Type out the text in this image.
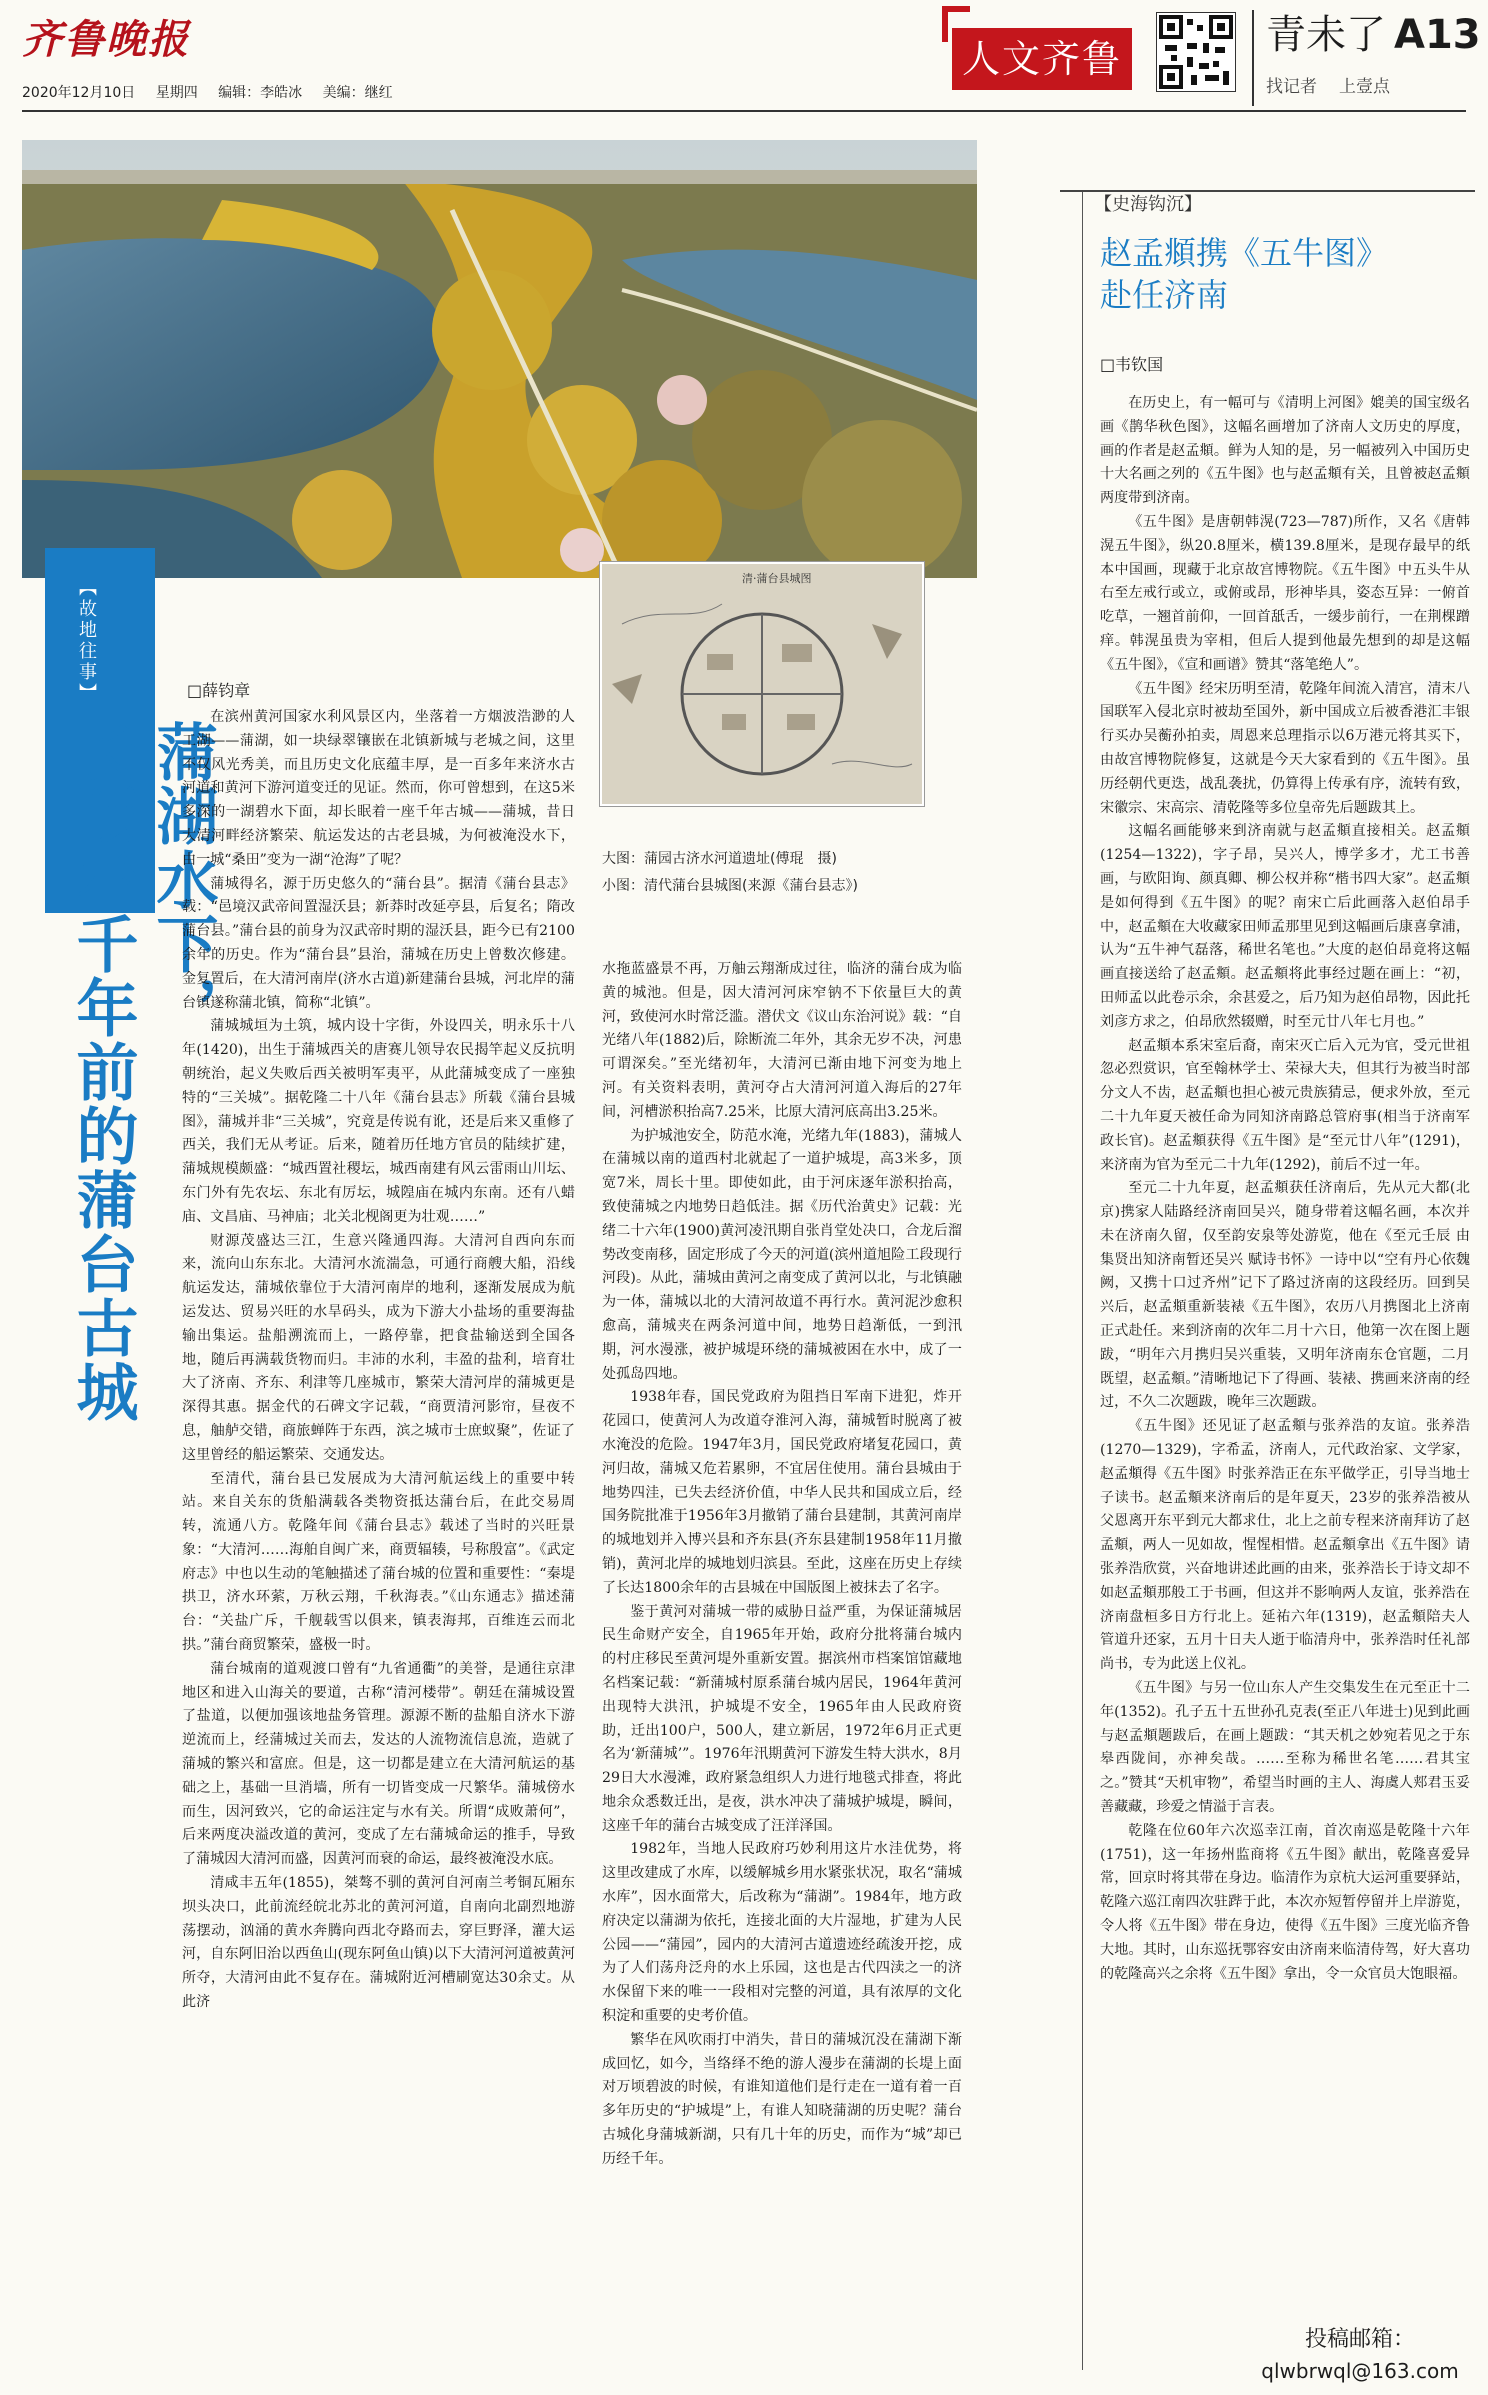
齐鲁晚报
2020年12月10日 星期四 编辑：李皓冰 美编：继红
人文齐鲁
青未了 A13
找记者 上壹点
【故地往事】
蒲湖水下，
长眠着千年前的蒲台古城
清·蒲台县城图
大图：蒲园古济水河道遗址(傅琨　摄)
小图：清代蒲台县城图(来源《蒲台县志》)
□薛钧章

在滨州黄河国家水利风景区内，坐落着一方烟波浩渺的人工湖——蒲湖，如一块绿翠镶嵌在北镇新城与老城之间，这里不仅风光秀美，而且历史文化底蕴丰厚，是一百多年来济水古河道和黄河下游河道变迁的见证。然而，你可曾想到，在这5米多深的一湖碧水下面，却长眠着一座千年古城——蒲城，昔日大清河畔经济繁荣、航运发达的古老县城，为何被淹没水下，由一城“桑田”变为一湖“沧海”了呢？

蒲城得名，源于历史悠久的“蒲台县”。据清《蒲台县志》载：“邑境汉武帝间置湿沃县；新莽时改延亭县，后复名；隋改蒲台县。”蒲台县的前身为汉武帝时期的湿沃县，距今已有2100余年的历史。作为“蒲台县”县治，蒲城在历史上曾数次修建。金复置后，在大清河南岸(济水古道)新建蒲台县城，河北岸的蒲台镇遂称蒲北镇，简称“北镇”。

蒲城城垣为土筑，城内设十字街，外设四关，明永乐十八年(1420)，出生于蒲城西关的唐赛儿领导农民揭竿起义反抗明朝统治，起义失败后西关被明军夷平，从此蒲城变成了一座独特的“三关城”。据乾隆二十八年《蒲台县志》所载《蒲台县城图》，蒲城并非“三关城”，究竟是传说有讹，还是后来又重修了西关，我们无从考证。后来，随着历任地方官员的陆续扩建，蒲城规模颇盛：“城西置社稷坛，城西南建有风云雷雨山川坛、东门外有先农坛、东北有厉坛，城隍庙在城内东南。还有八蜡庙、文昌庙、马神庙；北关北枧阁更为壮观……”

财源茂盛达三江，生意兴隆通四海。大清河自西向东而来，流向山东东北。大清河水流湍急，可通行商艘大船，沿线航运发达，蒲城依靠位于大清河南岸的地利，逐渐发展成为航运发达、贸易兴旺的水旱码头，成为下游大小盐场的重要海盐输出集运。盐船溯流而上，一路停靠，把食盐输送到全国各地，随后再满载货物而归。丰沛的水利，丰盈的盐利，培育壮大了济南、齐东、利津等几座城市，繁荣大清河岸的蒲城更是深得其惠。据金代的石碑文字记载，“商贾清河影帘，昼夜不息，舳舻交错，商旅蝉阵于东西，滨之城市士庶蚁聚”，佐证了这里曾经的船运繁荣、交通发达。

至清代，蒲台县已发展成为大清河航运线上的重要中转站。来自关东的货船满载各类物资抵达蒲台后，在此交易周转，流通八方。乾隆年间《蒲台县志》载述了当时的兴旺景象：“大清河……海舶自闽广来，商贾辐辏，号称殷富”。《武定府志》中也以生动的笔触描述了蒲台城的位置和重要性：“秦堤拱卫，济水环萦，万秋云翔，千秋海表。”《山东通志》描述蒲台：“关盐广斥，千舰载雪以俱来，镇表海邦，百维连云而北拱。”蒲台商贸繁荣，盛极一时。

蒲台城南的道观渡口曾有“九省通衢”的美誉，是通往京津地区和进入山海关的要道，古称“清河楼带”。朝廷在蒲城设置了盐道，以便加强该地盐务管理。源源不断的盐船自济水下游逆流而上，经蒲城过关而去，发达的人流物流信息流，造就了蒲城的繁兴和富庶。但是，这一切都是建立在大清河航运的基础之上，基础一旦消墙，所有一切皆变成一尺繁华。蒲城傍水而生，因河致兴，它的命运注定与水有关。所谓“成败萧何”，后来两度决溢改道的黄河，变成了左右蒲城命运的推手，导致了蒲城因大清河而盛，因黄河而衰的命运，最终被淹没水底。

清咸丰五年(1855)，桀骜不驯的黄河自河南兰考铜瓦厢东坝头决口，此前流经皖北苏北的黄河河道，自南向北副烈地游荡摆动，汹涌的黄水奔腾向西北夺路而去，穿巨野泽，灌大运河，自东阿旧治以西鱼山(现东阿鱼山镇)以下大清河河道被黄河所夺，大清河由此不复存在。蒲城附近河槽刷宽达30余丈。从此济

水拖蓝盛景不再，万舳云翔渐成过往，临济的蒲台成为临黄的城池。但是，因大清河河床窄钠不下依量巨大的黄河，致使河水时常泛滥。潜伏文《议山东治河说》载：“自光绪八年(1882)后，除断流二年外，其余无岁不决，河患可谓深矣。”至光绪初年，大清河已渐由地下河变为地上河。有关资料表明，黄河夺占大清河河道入海后的27年间，河槽淤积抬高7.25米，比原大清河底高出3.25米。

为护城池安全，防范水淹，光绪九年(1883)，蒲城人在蒲城以南的道西村北就起了一道护城堤，高3米多，顶宽7米，周长十里。即使如此，由于河床逐年淤积抬高，致使蒲城之内地势日趋低洼。据《历代治黄史》记载：光绪二十六年(1900)黄河凌汛期自张肖堂处决口，合龙后溜势改变南移，固定形成了今天的河道(滨州道旭险工段现行河段)。从此，蒲城由黄河之南变成了黄河以北，与北镇融为一体，蒲城以北的大清河故道不再行水。黄河泥沙愈积愈高，蒲城夹在两条河道中间，地势日趋渐低，一到汛期，河水漫涨，被护城堤环绕的蒲城被困在水中，成了一处孤岛四地。

1938年春，国民党政府为阻挡日军南下进犯，炸开花园口，使黄河人为改道夺淮河入海，蒲城暂时脱离了被水淹没的危险。1947年3月，国民党政府堵复花园口，黄河归故，蒲城又危若累卵，不宜居住使用。蒲台县城由于地势四洼，已失去经济价值，中华人民共和国成立后，经国务院批准于1956年3月撤销了蒲台县建制，其黄河南岸的城地划并入博兴县和齐东县(齐东县建制1958年11月撤销)，黄河北岸的城地划归滨县。至此，这座在历史上存续了长达1800余年的古县城在中国版图上被抹去了名字。

鉴于黄河对蒲城一带的威胁日益严重，为保证蒲城居民生命财产安全，自1965年开始，政府分批将蒲台城内的村庄移民至黄河堤外重新安置。据滨州市档案馆馆藏地名档案记载：“新蒲城村原系蒲台城内居民，1964年黄河出现特大洪汛，护城堤不安全，1965年由人民政府资助，迁出100户，500人，建立新居，1972年6月正式更名为‘新蒲城’”。1976年汛期黄河下游发生特大洪水，8月29日大水漫滩，政府紧急组织人力进行地毯式排查，将此地余众悉数迁出，是夜，洪水冲决了蒲城护城堤，瞬间，这座千年的蒲台古城变成了汪洋泽国。

1982年，当地人民政府巧妙利用这片水洼优势，将这里改建成了水库，以缓解城乡用水紧张状况，取名“蒲城水库”，因水面常大，后改称为“蒲湖”。1984年，地方政府决定以蒲湖为依托，连接北面的大片湿地，扩建为人民公园——“蒲园”，园内的大清河古道遗迹经疏浚开挖，成为了人们荡舟泛舟的水上乐园，这也是古代四渎之一的济水保留下来的唯一一段相对完整的河道，具有浓厚的文化积淀和重要的史考价值。

繁华在风吹雨打中消失，昔日的蒲城沉没在蒲湖下渐成回忆，如今，当络绎不绝的游人漫步在蒲湖的长堤上面对万顷碧波的时候，有谁知道他们是行走在一道有着一百多年历史的“护城堤”上，有谁人知晓蒲湖的历史呢？蒲台古城化身蒲城新湖，只有几十年的历史，而作为“城”却已历经千年。

【史海钩沉】
赵孟頫携《五牛图》
赴任济南
□韦钦国

在历史上，有一幅可与《清明上河图》媲美的国宝级名画《鹊华秋色图》，这幅名画增加了济南人文历史的厚度，画的作者是赵孟頫。鲜为人知的是，另一幅被列入中国历史十大名画之列的《五牛图》也与赵孟頫有关，且曾被赵孟頫两度带到济南。

《五牛图》是唐朝韩滉(723—787)所作，又名《唐韩滉五牛图》，纵20.8厘米，横139.8厘米，是现存最早的纸本中国画，现藏于北京故宫博物院。《五牛图》中五头牛从右至左戒行或立，或俯或昂，形神毕具，姿态互异：一俯首吃草，一翘首前仰，一回首舐舌，一缓步前行，一在荆棵蹭痒。韩滉虽贵为宰相，但后人提到他最先想到的却是这幅《五牛图》，《宣和画谱》赞其“落笔绝人”。

《五牛图》经宋历明至清，乾隆年间流入清宫，清末八国联军入侵北京时被劫至国外，新中国成立后被香港汇丰银行买办吴蘅孙拍卖，周恩来总理指示以6万港元将其买下，由故宫博物院修复，这就是今天大家看到的《五牛图》。虽历经朝代更迭，战乱袭扰，仍算得上传承有序，流转有致，宋徽宗、宋高宗、清乾隆等多位皇帝先后题跋其上。

这幅名画能够来到济南就与赵孟頫直接相关。赵孟頫(1254—1322)，字子昂，吴兴人，博学多才，尤工书善画，与欧阳询、颜真卿、柳公权并称“楷书四大家”。赵孟頫是如何得到《五牛图》的呢？南宋亡后此画落入赵伯昂手中，赵孟頫在大收藏家田师孟那里见到这幅画后康喜拿浦，认为“五牛神气磊落，稀世名笔也。”大度的赵伯昂竟将这幅画直接送给了赵孟頫。赵孟頫将此事经过题在画上：“初，田师孟以此卷示余，余甚爱之，后乃知为赵伯昂物，因此托刘彦方求之，伯昂欣然辍赠，时至元廿八年七月也。”

赵孟頫本系宋室后裔，南宋灭亡后入元为官，受元世祖忽必烈赏识，官至翰林学士、荣禄大夫，但其行为被当时部分文人不齿，赵孟頫也担心被元贵族猜忌，便求外放，至元二十九年夏天被任命为同知济南路总管府事(相当于济南军政长官)。赵孟頫获得《五牛图》是“至元廿八年”(1291)，来济南为官为至元二十九年(1292)，前后不过一年。

至元二十九年夏，赵孟頫获任济南后，先从元大都(北京)携家人陆路经济南回吴兴，随身带着这幅名画，本次并未在济南久留，仅至韵安泉等处游览，他在《至元壬辰 由集贤出知济南暂还吴兴 赋诗书怀》一诗中以“空有丹心依魏阙，又携十口过齐州”记下了路过济南的这段经历。回到吴兴后，赵孟頫重新装裱《五牛图》，农历八月携图北上济南正式赴任。来到济南的次年二月十六日，他第一次在图上题跋，“明年六月携归吴兴重装，又明年济南东仓官题，二月既望，赵孟頫。”清晰地记下了得画、装裱、携画来济南的经过，不久二次题跋，晚年三次题跋。

《五牛图》还见证了赵孟頫与张养浩的友谊。张养浩(1270—1329)，字希孟，济南人，元代政治家、文学家，赵孟頫得《五牛图》时张养浩正在东平做学正，引导当地士子读书。赵孟頫来济南后的是年夏天，23岁的张养浩被从父恩离开东平到元大都求仕，北上之前专程来济南拜访了赵孟頫，两人一见如故，惺惺相惜。赵孟頫拿出《五牛图》请张养浩欣赏，兴奋地讲述此画的由来，张养浩长于诗文却不如赵孟頫那般工于书画，但这并不影响两人友谊，张养浩在济南盘桓多日方行北上。延祐六年(1319)，赵孟頫陪夫人管道升还家，五月十日夫人逝于临清舟中，张养浩时任礼部尚书，专为此送上仪礼。

《五牛图》与另一位山东人产生交集发生在元至正十二年(1352)。孔子五十五世孙孔克表(至正八年进士)见到此画与赵孟頫题跋后，在画上题跋：“其天机之妙宛若见之于东皋西陇间，亦神矣哉。……至称为稀世名笔……君其宝之。”赞其“天机审物”，希望当时画的主人、海虞人郏君玉妥善藏藏，珍爱之情溢于言表。

乾隆在位60年六次巡幸江南，首次南巡是乾隆十六年(1751)，这一年扬州监商将《五牛图》献出，乾隆喜爱异常，回京时将其带在身边。临清作为京杭大运河重要驿站，乾隆六巡江南四次驻跸于此，本次亦短暂停留并上岸游览，令人将《五牛图》带在身边，使得《五牛图》三度光临齐鲁大地。其时，山东巡抚鄂容安由济南来临清侍驾，好大喜功的乾隆高兴之余将《五牛图》拿出，令一众官员大饱眼福。

投稿邮箱：
qlwbrwql@163.com
